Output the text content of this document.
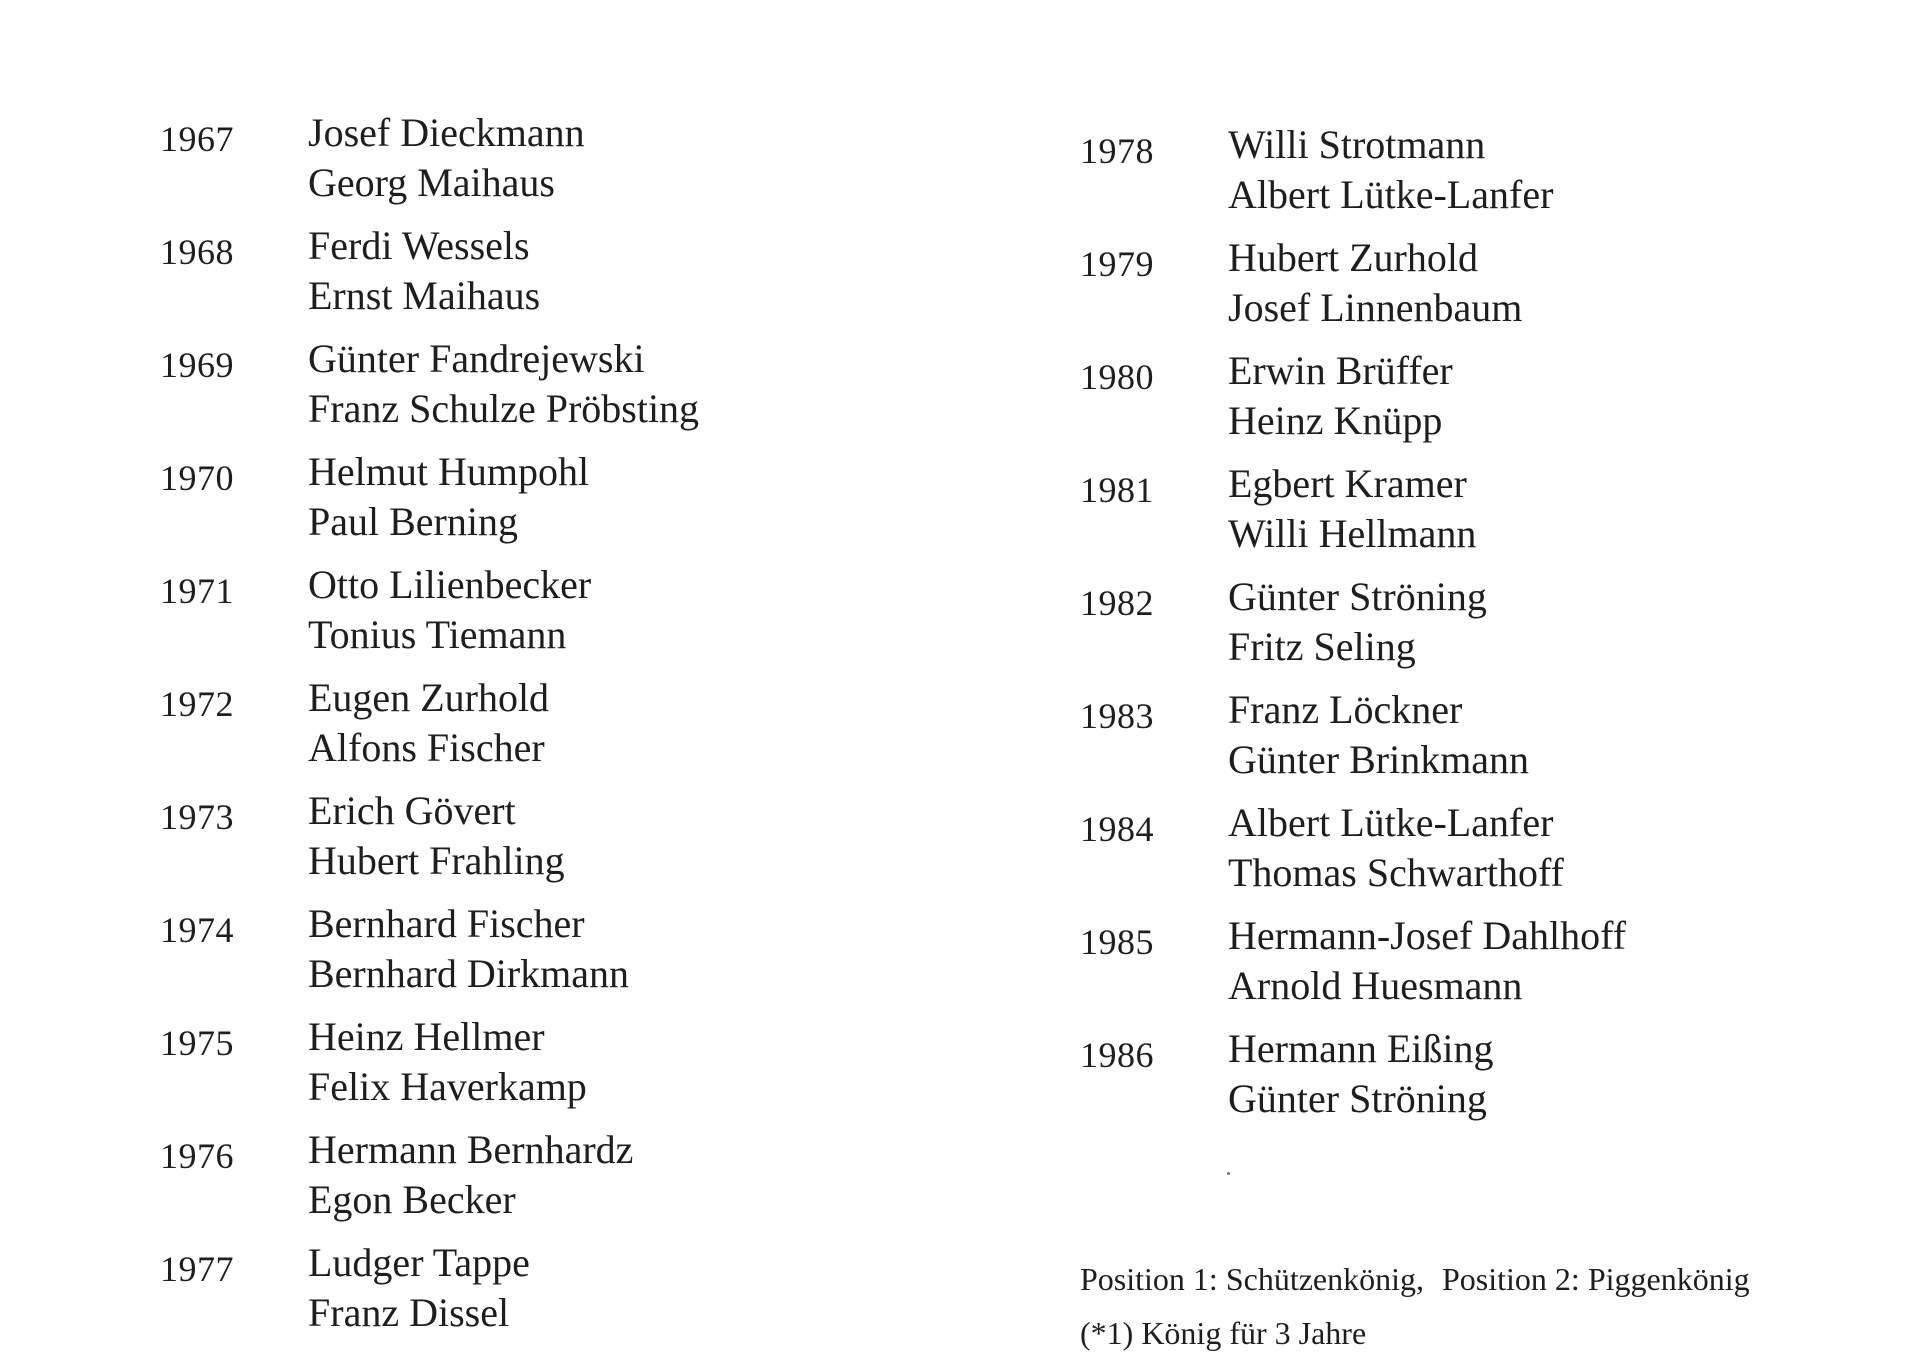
1967 Josef Dieckmann
Georg Maihaus
1968 Ferdi Wessels
Ernst Maihaus
1969 Günter Fandrejewski
Franz Schulze Pröbsting
1970 Helmut Humpohl
Paul Berning
1971 Otto Lilienbecker
Tonius Tiemann
1972 Eugen Zurhold
Alfons Fischer
1973 Erich Gövert
Hubert Frahling
1974 Bernhard Fischer
Bernhard Dirkmann
1975 Heinz Hellmer
Felix Haverkamp
1976 Hermann Bernhardz
Egon Becker
1977 Ludger Tappe
Franz Dissel
1978 Willi Strotmann
Albert Lütke-Lanfer
1979 Hubert Zurhold
Josef Linnenbaum
1980 Erwin Brüffer
Heinz Knüpp
1981 Egbert Kramer
Willi Hellmann
1982 Günter Ströning
Fritz Seling
1983 Franz Löckner
Günter Brinkmann
1984 Albert Lütke-Lanfer
Thomas Schwarthoff
1985 Hermann-Josef Dahlhoff
Arnold Huesmann
1986 Hermann Eißing
Günter Ströning
Position 1: Schützenkönig, Position 2: Piggenkönig
(*1) König für 3 Jahre
